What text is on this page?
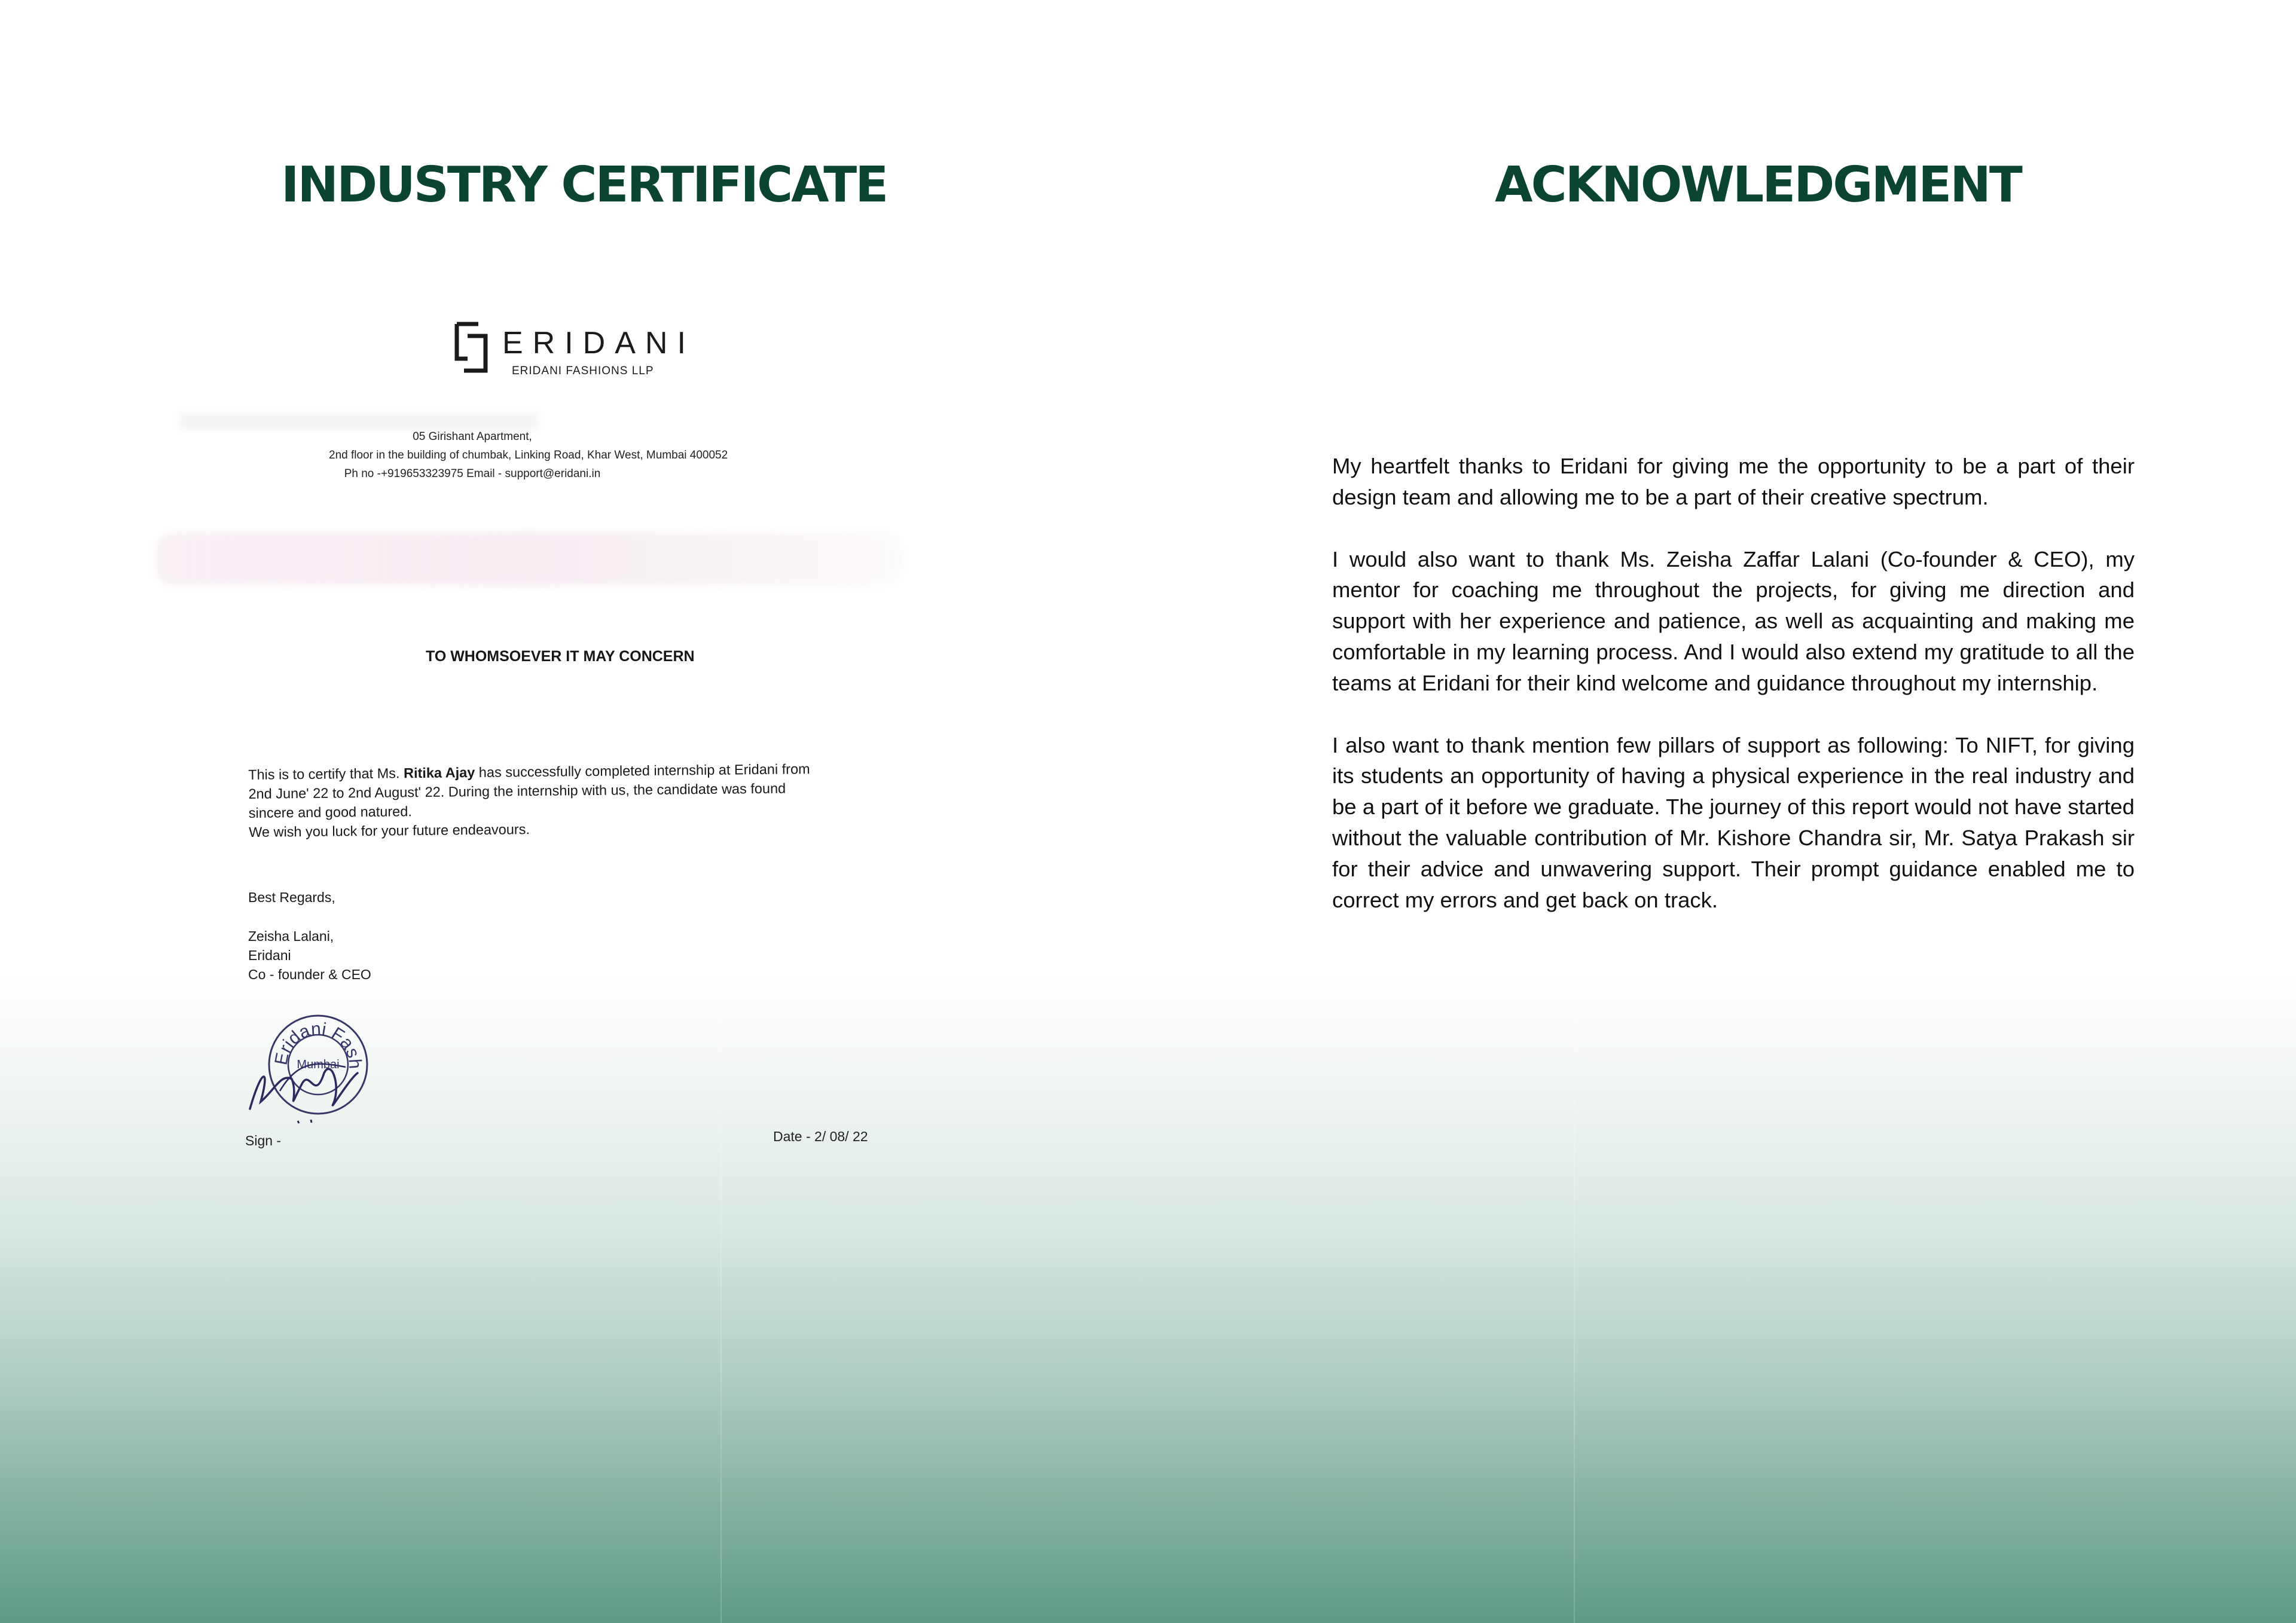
INDUSTRY CERTIFICATE	ACKNOWLEDGMENT
ERIDANI
ERIDANI FASHIONS LLP
05 Girishant Apartment,
2nd floor in the building of chumbak, Linking Road, Khar West, Mumbai 400052
Ph no -+919653323975 Email - support@eridani.in
TO WHOMSOEVER IT MAY CONCERN
This is to certify that Ms. Ritika Ajay has successfully completed internship at Eridani from
2nd June' 22 to 2nd August' 22. During the internship with us, the candidate was found
sincere and good natured.
We wish you luck for your future endeavours.
Best Regards,
Zeisha Lalani,
Eridani
Co - founder & CEO
Eridani Fash
Mumbai
Sign -	Date - 2/ 08/ 22

My heartfelt thanks to Eridani for giving me the opportunity to be a part of their design team and allowing me to be a part of their creative spectrum.

I would also want to thank Ms. Zeisha Zaffar Lalani (Co-founder & CEO), my mentor for coaching me throughout the projects, for giving me direction and support with her experience and patience, as well as acquainting and making me comfortable in my learning process. And I would also extend my gratitude to all the teams at Eridani for their kind welcome and guidance throughout my internship.

I also want to thank mention few pillars of support as following: To NIFT, for giving its students an opportunity of having a physical experience in the real industry and be a part of it before we graduate. The journey of this report would not have started without the valuable contribution of Mr. Kishore Chandra sir, Mr. Satya Prakash sir for their advice and unwavering support. Their prompt guidance enabled me to correct my errors and get back on track.
